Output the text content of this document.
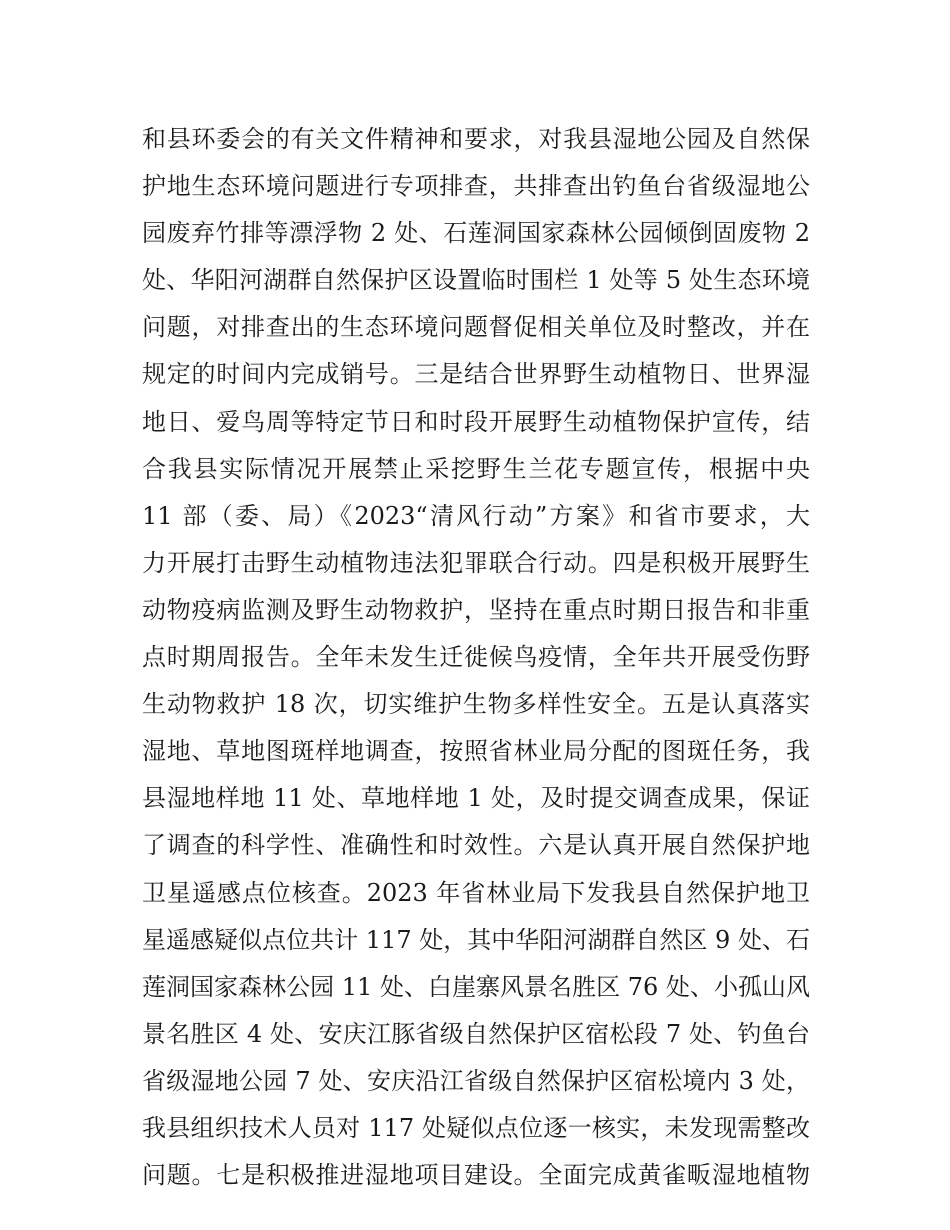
和县环委会的有关文件精神和要求，对我县湿地公园及自然保
护地生态环境问题进行专项排查，共排查出钓鱼台省级湿地公
园废弃竹排等漂浮物 2 处、石莲洞国家森林公园倾倒固废物 2
处、华阳河湖群自然保护区设置临时围栏 1 处等 5 处生态环境
问题，对排查出的生态环境问题督促相关单位及时整改，并在
规定的时间内完成销号。三是结合世界野生动植物日、世界湿
地日、爱鸟周等特定节日和时段开展野生动植物保护宣传，结
合我县实际情况开展禁止采挖野生兰花专题宣传，根据中央
11 部（委、局）《2023“清风行动”方案》和省市要求，大
力开展打击野生动植物违法犯罪联合行动。四是积极开展野生
动物疫病监测及野生动物救护，坚持在重点时期日报告和非重
点时期周报告。全年未发生迁徙候鸟疫情，全年共开展受伤野
生动物救护 18 次，切实维护生物多样性安全。五是认真落实
湿地、草地图斑样地调查，按照省林业局分配的图斑任务，我
县湿地样地 11 处、草地样地 1 处，及时提交调查成果，保证
了调查的科学性、准确性和时效性。六是认真开展自然保护地
卫星遥感点位核查。2023 年省林业局下发我县自然保护地卫
星遥感疑似点位共计 117 处，其中华阳河湖群自然区 9 处、石
莲洞国家森林公园 11 处、白崖寨风景名胜区 76 处、小孤山风
景名胜区 4 处、安庆江豚省级自然保护区宿松段 7 处、钓鱼台
省级湿地公园 7 处、安庆沿江省级自然保护区宿松境内 3 处，
我县组织技术人员对 117 处疑似点位逐一核实，未发现需整改
问题。七是积极推进湿地项目建设。全面完成黄雀畈湿地植物
